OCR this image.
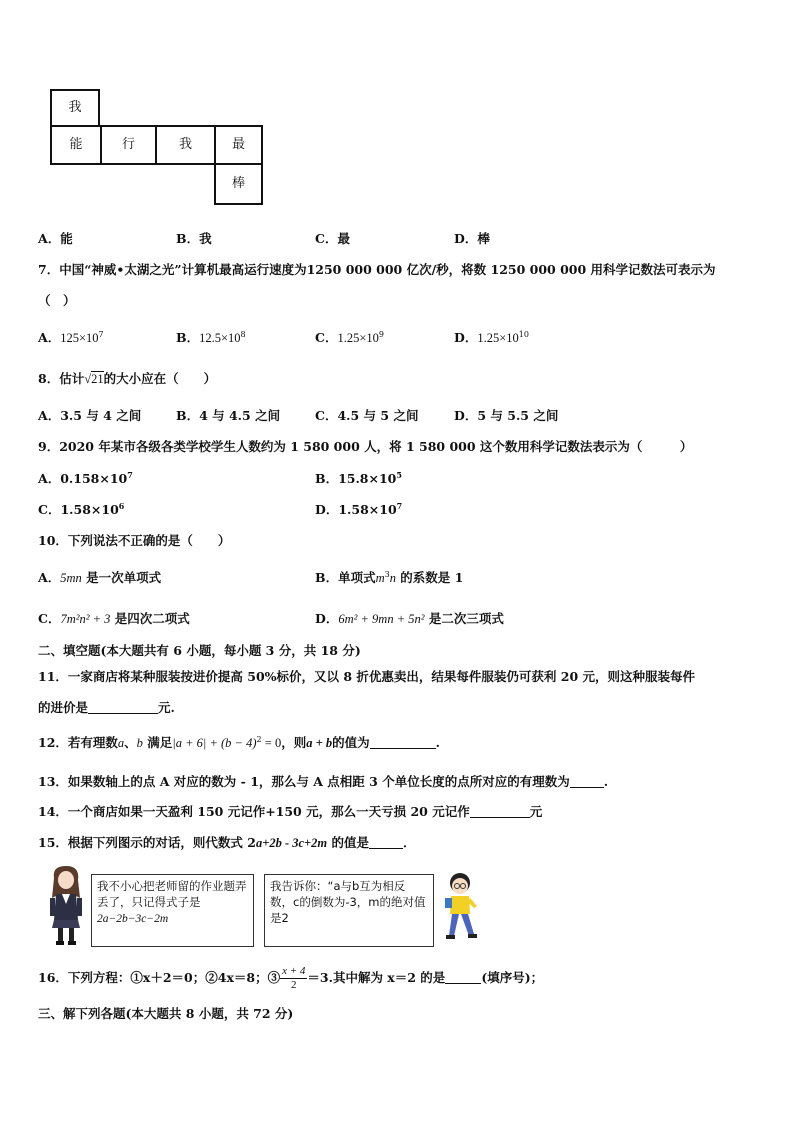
我
能	行	我	最
棒
A．能	B．我	C．最	D．棒
7．中国“神威•太湖之光”计算机最高运行速度为1250 000 000 亿次/秒，将数 1250 000 000 用科学记数法可表示为
（　）
A．$125\times 10^7$	B．$12.5\times 10^8$	C．$1.25\times 10^9$	D．$1.25\times 10^{10}$
8．估计√21的大小应在（　　）
A．3.5 与 4 之间	B．4 与 4.5 之间	C．4.5 与 5 之间	D．5 与 5.5 之间
9．2020 年某市各级各类学校学生人数约为 1 580 000 人，将 1 580 000 这个数用科学记数法表示为（　　　）
A．$0.158\times 10^7$	B．$15.8\times 10^5$
C．$1.58\times 10^6$	D．$1.58\times 10^7$
10．下列说法不正确的是（　　）
A．5mn 是一次单项式	B．单项式$m^3n$ 的系数是 1
C．7m²n² + 3 是四次二项式	D．6m² + 9mn + 5n² 是二次三项式
二、填空题(本大题共有 6 小题，每小题 3 分，共 18 分)
11．一家商店将某种服装按进价提高 50%标价，又以 8 折优惠卖出，结果每件服装仍可获利 20 元，则这种服装每件
的进价是	元.
12．若有理数a、b 满足$|a + 6| + (b - 4)^2 = 0$，则a + b的值为	.
13．如果数轴上的点 A 对应的数为 - 1，那么与 A 点相距 3 个单位长度的点所对应的有理数为	.
14．一个商店如果一天盈利 150 元记作+150 元，那么一天亏损 20 元记作	元
15．根据下列图示的对话，则代数式 2a+2b - 3c+2m 的值是	．
我不小心把老师留的作业题弄丢了，只记得式子是
2a−2b−3c−2m
我告诉你：“a与b互为相反数，c的倒数为-3，m的绝对值是2
16．下列方程：①x＋2＝0；②4x＝8；③ $\frac{x + 4}{2} =3$.其中解为 x＝2 的是	(填序号)；
三、解下列各题(本大题共 8 小题，共 72 分)
